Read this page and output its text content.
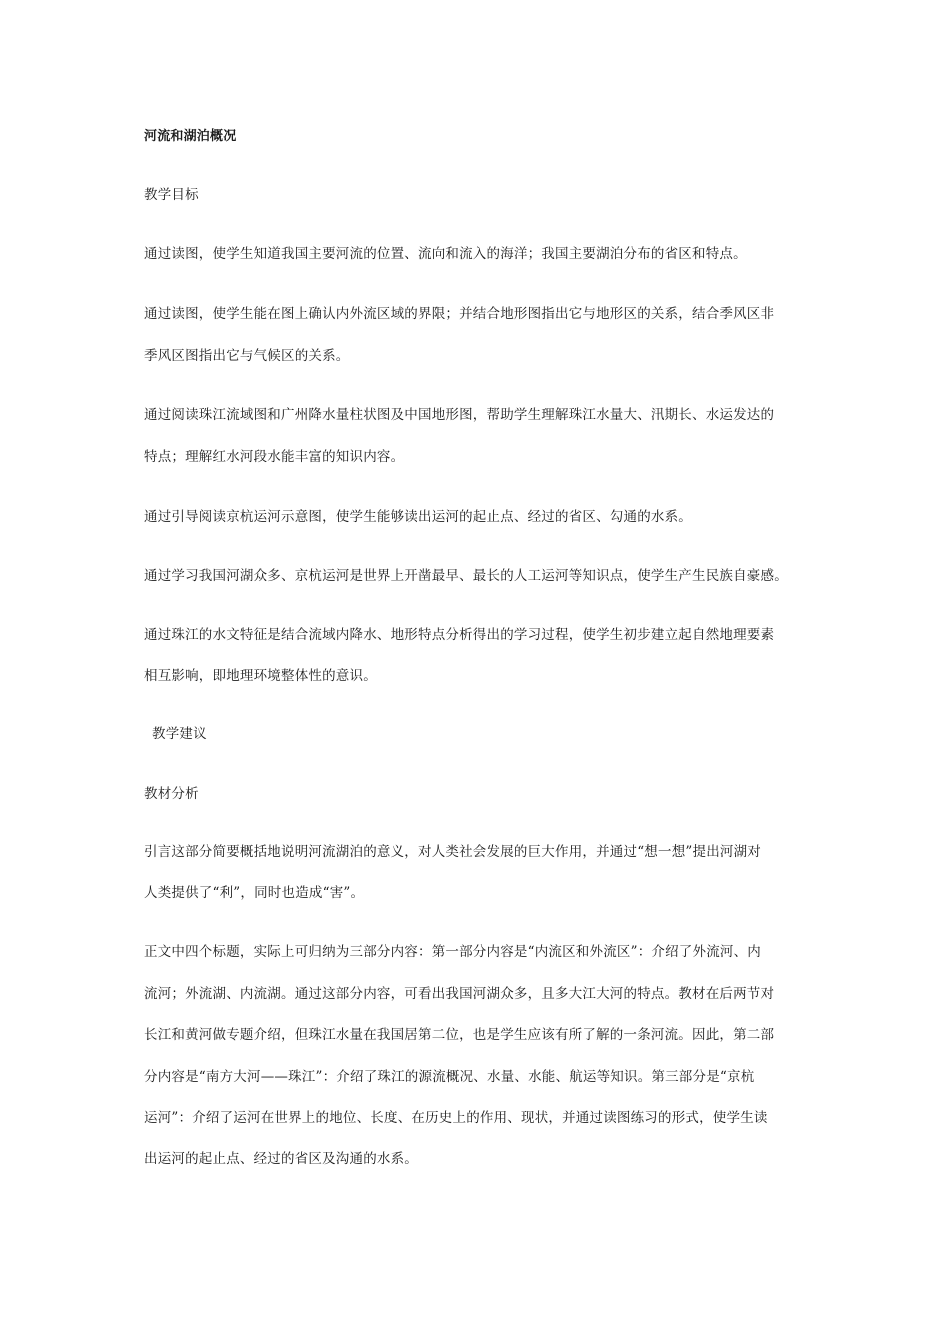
河流和湖泊概况
教学目标
通过读图，使学生知道我国主要河流的位置、流向和流入的海洋；我国主要湖泊分布的省区和特点。
通过读图，使学生能在图上确认内外流区域的界限；并结合地形图指出它与地形区的关系，结合季风区非
季风区图指出它与气候区的关系。
通过阅读珠江流域图和广州降水量柱状图及中国地形图，帮助学生理解珠江水量大、汛期长、水运发达的
特点；理解红水河段水能丰富的知识内容。
通过引导阅读京杭运河示意图，使学生能够读出运河的起止点、经过的省区、勾通的水系。
通过学习我国河湖众多、京杭运河是世界上开凿最早、最长的人工运河等知识点，使学生产生民族自豪感。
通过珠江的水文特征是结合流域内降水、地形特点分析得出的学习过程，使学生初步建立起自然地理要素
相互影响，即地理环境整体性的意识。
教学建议
教材分析
引言这部分简要概括地说明河流湖泊的意义，对人类社会发展的巨大作用，并通过“想一想”提出河湖对
人类提供了“利”，同时也造成“害”。
正文中四个标题，实际上可归纳为三部分内容：第一部分内容是“内流区和外流区”：介绍了外流河、内
流河；外流湖、内流湖。通过这部分内容，可看出我国河湖众多，且多大江大河的特点。教材在后两节对
长江和黄河做专题介绍，但珠江水量在我国居第二位，也是学生应该有所了解的一条河流。因此，第二部
分内容是“南方大河——珠江”：介绍了珠江的源流概况、水量、水能、航运等知识。第三部分是“京杭
运河”：介绍了运河在世界上的地位、长度、在历史上的作用、现状，并通过读图练习的形式，使学生读
出运河的起止点、经过的省区及沟通的水系。
